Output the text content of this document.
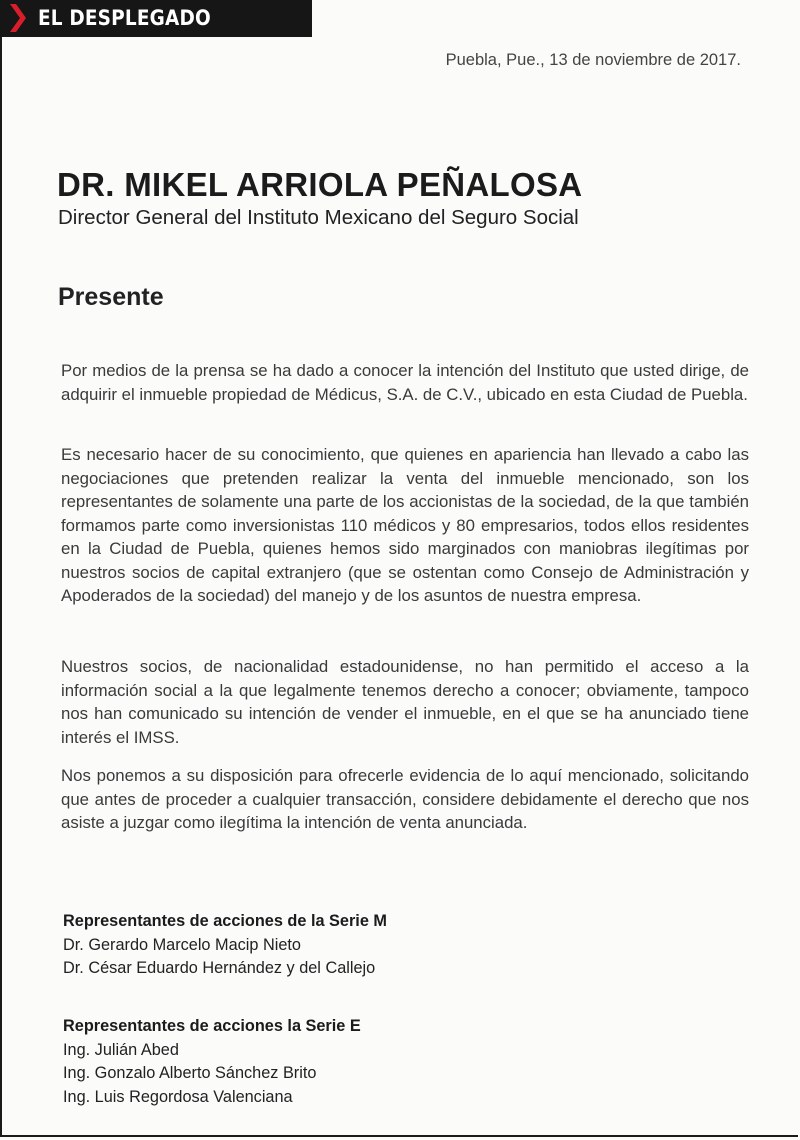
EL DESPLEGADO
Puebla, Pue., 13 de noviembre de 2017.
DR. MIKEL ARRIOLA PEÑALOSA
Director General del Instituto Mexicano del Seguro Social
Presente

Por medios de la prensa se ha dado a conocer la intención del Instituto que usted dirige, de adquirir el inmueble propiedad de Médicus, S.A. de C.V., ubicado en esta Ciudad de Puebla.

Es necesario hacer de su conocimiento, que quienes en apariencia han llevado a cabo las negociaciones que pretenden realizar la venta del inmueble mencionado, son los representantes de solamente una parte de los accionistas de la sociedad, de la que también formamos parte como inversionistas 110 médicos y 80 empresarios, todos ellos residentes en la Ciudad de Puebla, quienes hemos sido marginados con maniobras ilegítimas por nuestros socios de capital extranjero (que se ostentan como Consejo de Administración y Apoderados de la sociedad) del manejo y de los asuntos de nuestra empresa.

Nuestros socios, de nacionalidad estadounidense, no han permitido el acceso a la información social a la que legalmente tenemos derecho a conocer; obviamente, tampoco nos han comunicado su intención de vender el inmueble, en el que se ha anunciado tiene interés el IMSS.

Nos ponemos a su disposición para ofrecerle evidencia de lo aquí mencionado, solicitando que antes de proceder a cualquier transacción, considere debidamente el derecho que nos asiste a juzgar como ilegítima la intención de venta anunciada.

Representantes de acciones de la Serie M
Dr. Gerardo Marcelo Macip Nieto
Dr. César Eduardo Hernández y del Callejo
Representantes de acciones la Serie E
Ing. Julián Abed
Ing. Gonzalo Alberto Sánchez Brito
Ing. Luis Regordosa Valenciana
